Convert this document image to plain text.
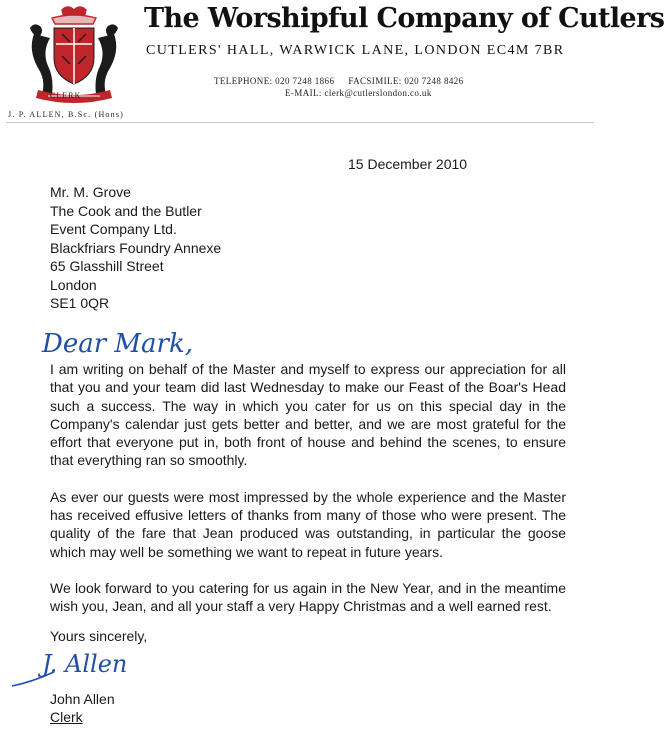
CLERK
J. P. ALLEN, B.Sc. (Hons)
The Worshipful Company of Cutlers
CUTLERS' HALL, WARWICK LANE, LONDON EC4M 7BR
TELEPHONE: 020 7248 1866 FACSIMILE: 020 7248 8426
E-MAIL: clerk@cutlerslondon.co.uk
15 December 2010
Mr. M. Grove
The Cook and the Butler
Event Company Ltd.
Blackfriars Foundry Annexe
65 Glasshill Street
London
SE1 0QR
Dear Mark,

I am writing on behalf of the Master and myself to express our appreciation for all that you and your team did last Wednesday to make our Feast of the Boar's Head such a success. The way in which you cater for us on this special day in the Company's calendar just gets better and better, and we are most grateful for the effort that everyone put in, both front of house and behind the scenes, to ensure that everything ran so smoothly.

As ever our guests were most impressed by the whole experience and the Master has received effusive letters of thanks from many of those who were present. The quality of the fare that Jean produced was outstanding, in particular the goose which may well be something we want to repeat in future years.

We look forward to you catering for us again in the New Year, and in the meantime wish you, Jean, and all your staff a very Happy Christmas and a well earned rest.

Yours sincerely,
J. Allen
John Allen
Clerk
